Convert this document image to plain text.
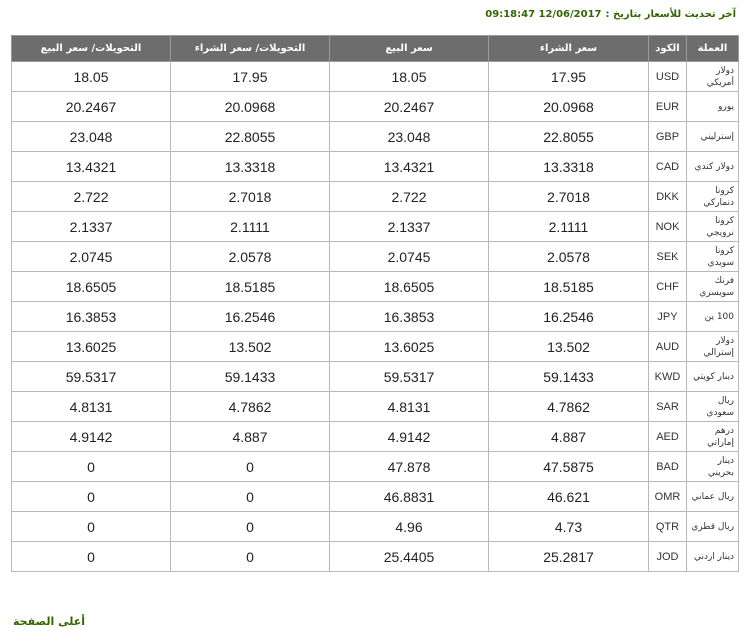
آخر تحديث للأسعار بتاريخ :12/06/2017 09:18:47
العملة	الكود	سعر الشراء	سعر البيع	التحويلات/ سعر الشراء	التحويلات/ سعر البيع
دولار أمريكي	USD	17.95	18.05	17.95	18.05
يورو	EUR	20.0968	20.2467	20.0968	20.2467
إسترليني	GBP	22.8055	23.048	22.8055	23.048
دولار كندي	CAD	13.3318	13.4321	13.3318	13.4321
كرونا دنماركي	DKK	2.7018	2.722	2.7018	2.722
كرونا نرويجي	NOK	2.1111	2.1337	2.1111	2.1337
كرونا سويدي	SEK	2.0578	2.0745	2.0578	2.0745
فرنك سويسري	CHF	18.5185	18.6505	18.5185	18.6505
100 ين	JPY	16.2546	16.3853	16.2546	16.3853
دولار إسترالي	AUD	13.502	13.6025	13.502	13.6025
دينار كويتي	KWD	59.1433	59.5317	59.1433	59.5317
ريال سعودي	SAR	4.7862	4.8131	4.7862	4.8131
درهم إماراتي	AED	4.887	4.9142	4.887	4.9142
دينار بحريني	BAD	47.5875	47.878	0	0
ريال عماني	OMR	46.621	46.8831	0	0
ريال قطري	QTR	4.73	4.96	0	0
دينار اردني	JOD	25.2817	25.4405	0	0
أعلى الصفحة
